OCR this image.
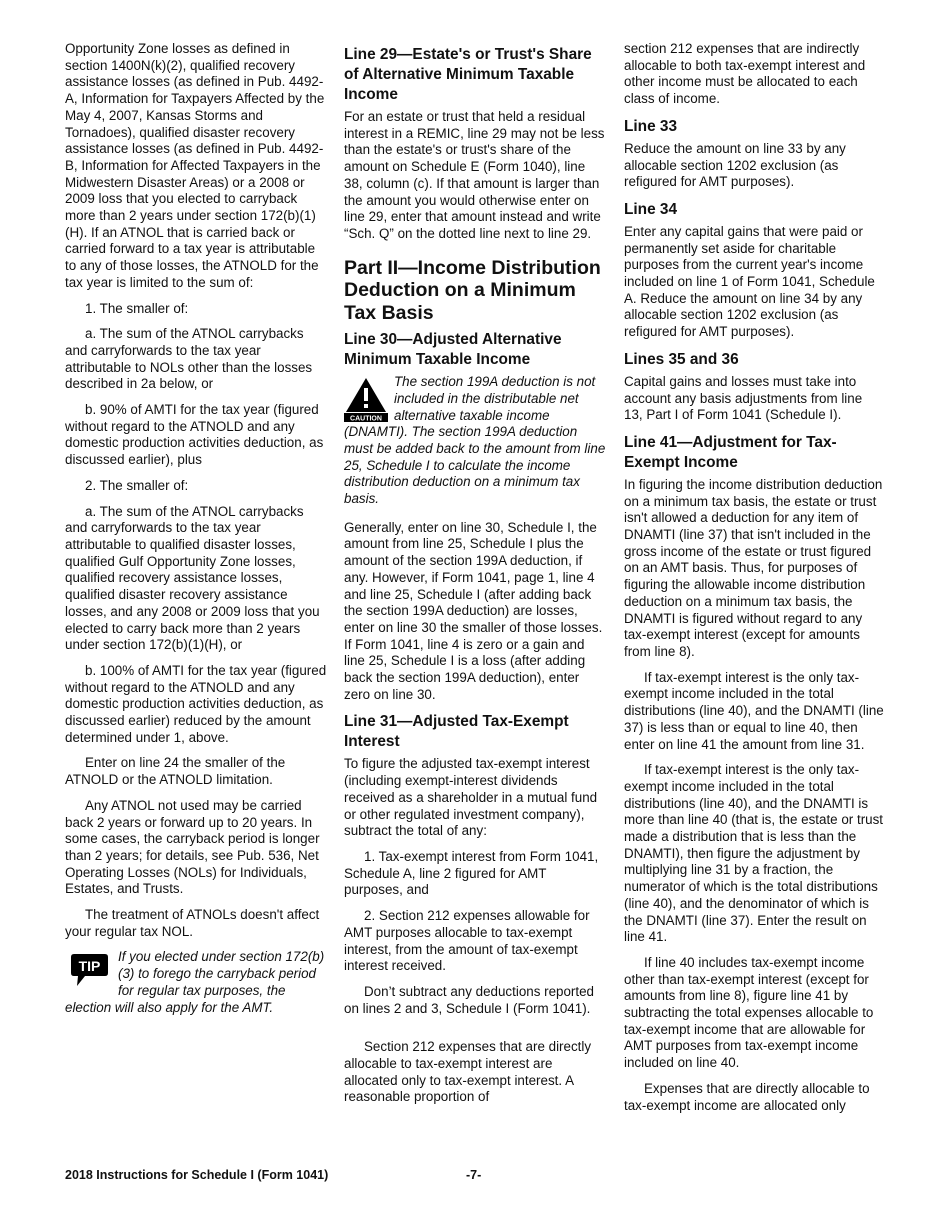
Opportunity Zone losses as defined in section 1400N(k)(2), qualified recovery assistance losses (as defined in Pub. 4492-A, Information for Taxpayers Affected by the May 4, 2007, Kansas Storms and Tornadoes), qualified disaster recovery assistance losses (as defined in Pub. 4492-B, Information for Affected Taxpayers in the Midwestern Disaster Areas) or a 2008 or 2009 loss that you elected to carryback more than 2 years under section 172(b)(1)(H). If an ATNOL that is carried back or carried forward to a tax year is attributable to any of those losses, the ATNOLD for the tax year is limited to the sum of:

1. The smaller of:

a. The sum of the ATNOL carrybacks and carryforwards to the tax year attributable to NOLs other than the losses described in 2a below, or

b. 90% of AMTI for the tax year (figured without regard to the ATNOLD and any domestic production activities deduction, as discussed earlier), plus

2. The smaller of:

a. The sum of the ATNOL carrybacks and carryforwards to the tax year attributable to qualified disaster losses, qualified Gulf Opportunity Zone losses, qualified recovery assistance losses, qualified disaster recovery assistance losses, and any 2008 or 2009 loss that you elected to carry back more than 2 years under section 172(b)(1)(H), or

b. 100% of AMTI for the tax year (figured without regard to the ATNOLD and any domestic production activities deduction, as discussed earlier) reduced by the amount determined under 1, above.

Enter on line 24 the smaller of the ATNOLD or the ATNOLD limitation.

Any ATNOL not used may be carried back 2 years or forward up to 20 years. In some cases, the carryback period is longer than 2 years; for details, see Pub. 536, Net Operating Losses (NOLs) for Individuals, Estates, and Trusts.

The treatment of ATNOLs doesn't affect your regular tax NOL.

TIP

If you elected under section 172(b)(3) to forego the carryback period for regular tax purposes, the election will also apply for the AMT.

Line 29—Estate's or Trust's Share of Alternative Minimum Taxable Income

For an estate or trust that held a residual interest in a REMIC, line 29 may not be less than the estate's or trust's share of the amount on Schedule E (Form 1040), line 38, column (c). If that amount is larger than the amount you would otherwise enter on line 29, enter that amount instead and write “Sch. Q” on the dotted line next to line 29.

Part II—Income Distribution Deduction on a Minimum Tax Basis
Line 30—Adjusted Alternative Minimum Taxable Income
CAUTION

The section 199A deduction is not included in the distributable net alternative taxable income (DNAMTI). The section 199A deduction must be added back to the amount from line 25, Schedule I to calculate the income distribution deduction on a minimum tax basis.

Generally, enter on line 30, Schedule I, the amount from line 25, Schedule I plus the amount of the section 199A deduction, if any. However, if Form 1041, page 1, line 4 and line 25, Schedule I (after adding back the section 199A deduction) are losses, enter on line 30 the smaller of those losses. If Form 1041, line 4 is zero or a gain and line 25, Schedule I is a loss (after adding back the section 199A deduction), enter zero on line 30.

Line 31—Adjusted Tax-Exempt Interest

To figure the adjusted tax-exempt interest (including exempt-interest dividends received as a shareholder in a mutual fund or other regulated investment company), subtract the total of any:

1. Tax-exempt interest from Form 1041, Schedule A, line 2 figured for AMT purposes, and

2. Section 212 expenses allowable for AMT purposes allocable to tax-exempt interest, from the amount of tax-exempt interest received.

Don’t subtract any deductions reported on lines 2 and 3, Schedule I (Form 1041).

Section 212 expenses that are directly allocable to tax-exempt interest are allocated only to tax-exempt interest. A reasonable proportion of

section 212 expenses that are indirectly allocable to both tax-exempt interest and other income must be allocated to each class of income.

Line 33

Reduce the amount on line 33 by any allocable section 1202 exclusion (as refigured for AMT purposes).

Line 34

Enter any capital gains that were paid or permanently set aside for charitable purposes from the current year's income included on line 1 of Form 1041, Schedule A. Reduce the amount on line 34 by any allocable section 1202 exclusion (as refigured for AMT purposes).

Lines 35 and 36

Capital gains and losses must take into account any basis adjustments from line 13, Part I of Form 1041 (Schedule I).

Line 41—Adjustment for Tax-Exempt Income

In figuring the income distribution deduction on a minimum tax basis, the estate or trust isn't allowed a deduction for any item of DNAMTI (line 37) that isn't included in the gross income of the estate or trust figured on an AMT basis. Thus, for purposes of figuring the allowable income distribution deduction on a minimum tax basis, the DNAMTI is figured without regard to any tax-exempt interest (except for amounts from line 8).

If tax-exempt interest is the only tax-exempt income included in the total distributions (line 40), and the DNAMTI (line 37) is less than or equal to line 40, then enter on line 41 the amount from line 31.

If tax-exempt interest is the only tax-exempt income included in the total distributions (line 40), and the DNAMTI is more than line 40 (that is, the estate or trust made a distribution that is less than the DNAMTI), then figure the adjustment by multiplying line 31 by a fraction, the numerator of which is the total distributions (line 40), and the denominator of which is the DNAMTI (line 37). Enter the result on line 41.

If line 40 includes tax-exempt income other than tax-exempt interest (except for amounts from line 8), figure line 41 by subtracting the total expenses allocable to tax-exempt income that are allowable for AMT purposes from tax-exempt income included on line 40.

Expenses that are directly allocable to tax-exempt income are allocated only

2018 Instructions for Schedule I (Form 1041)	-7-
